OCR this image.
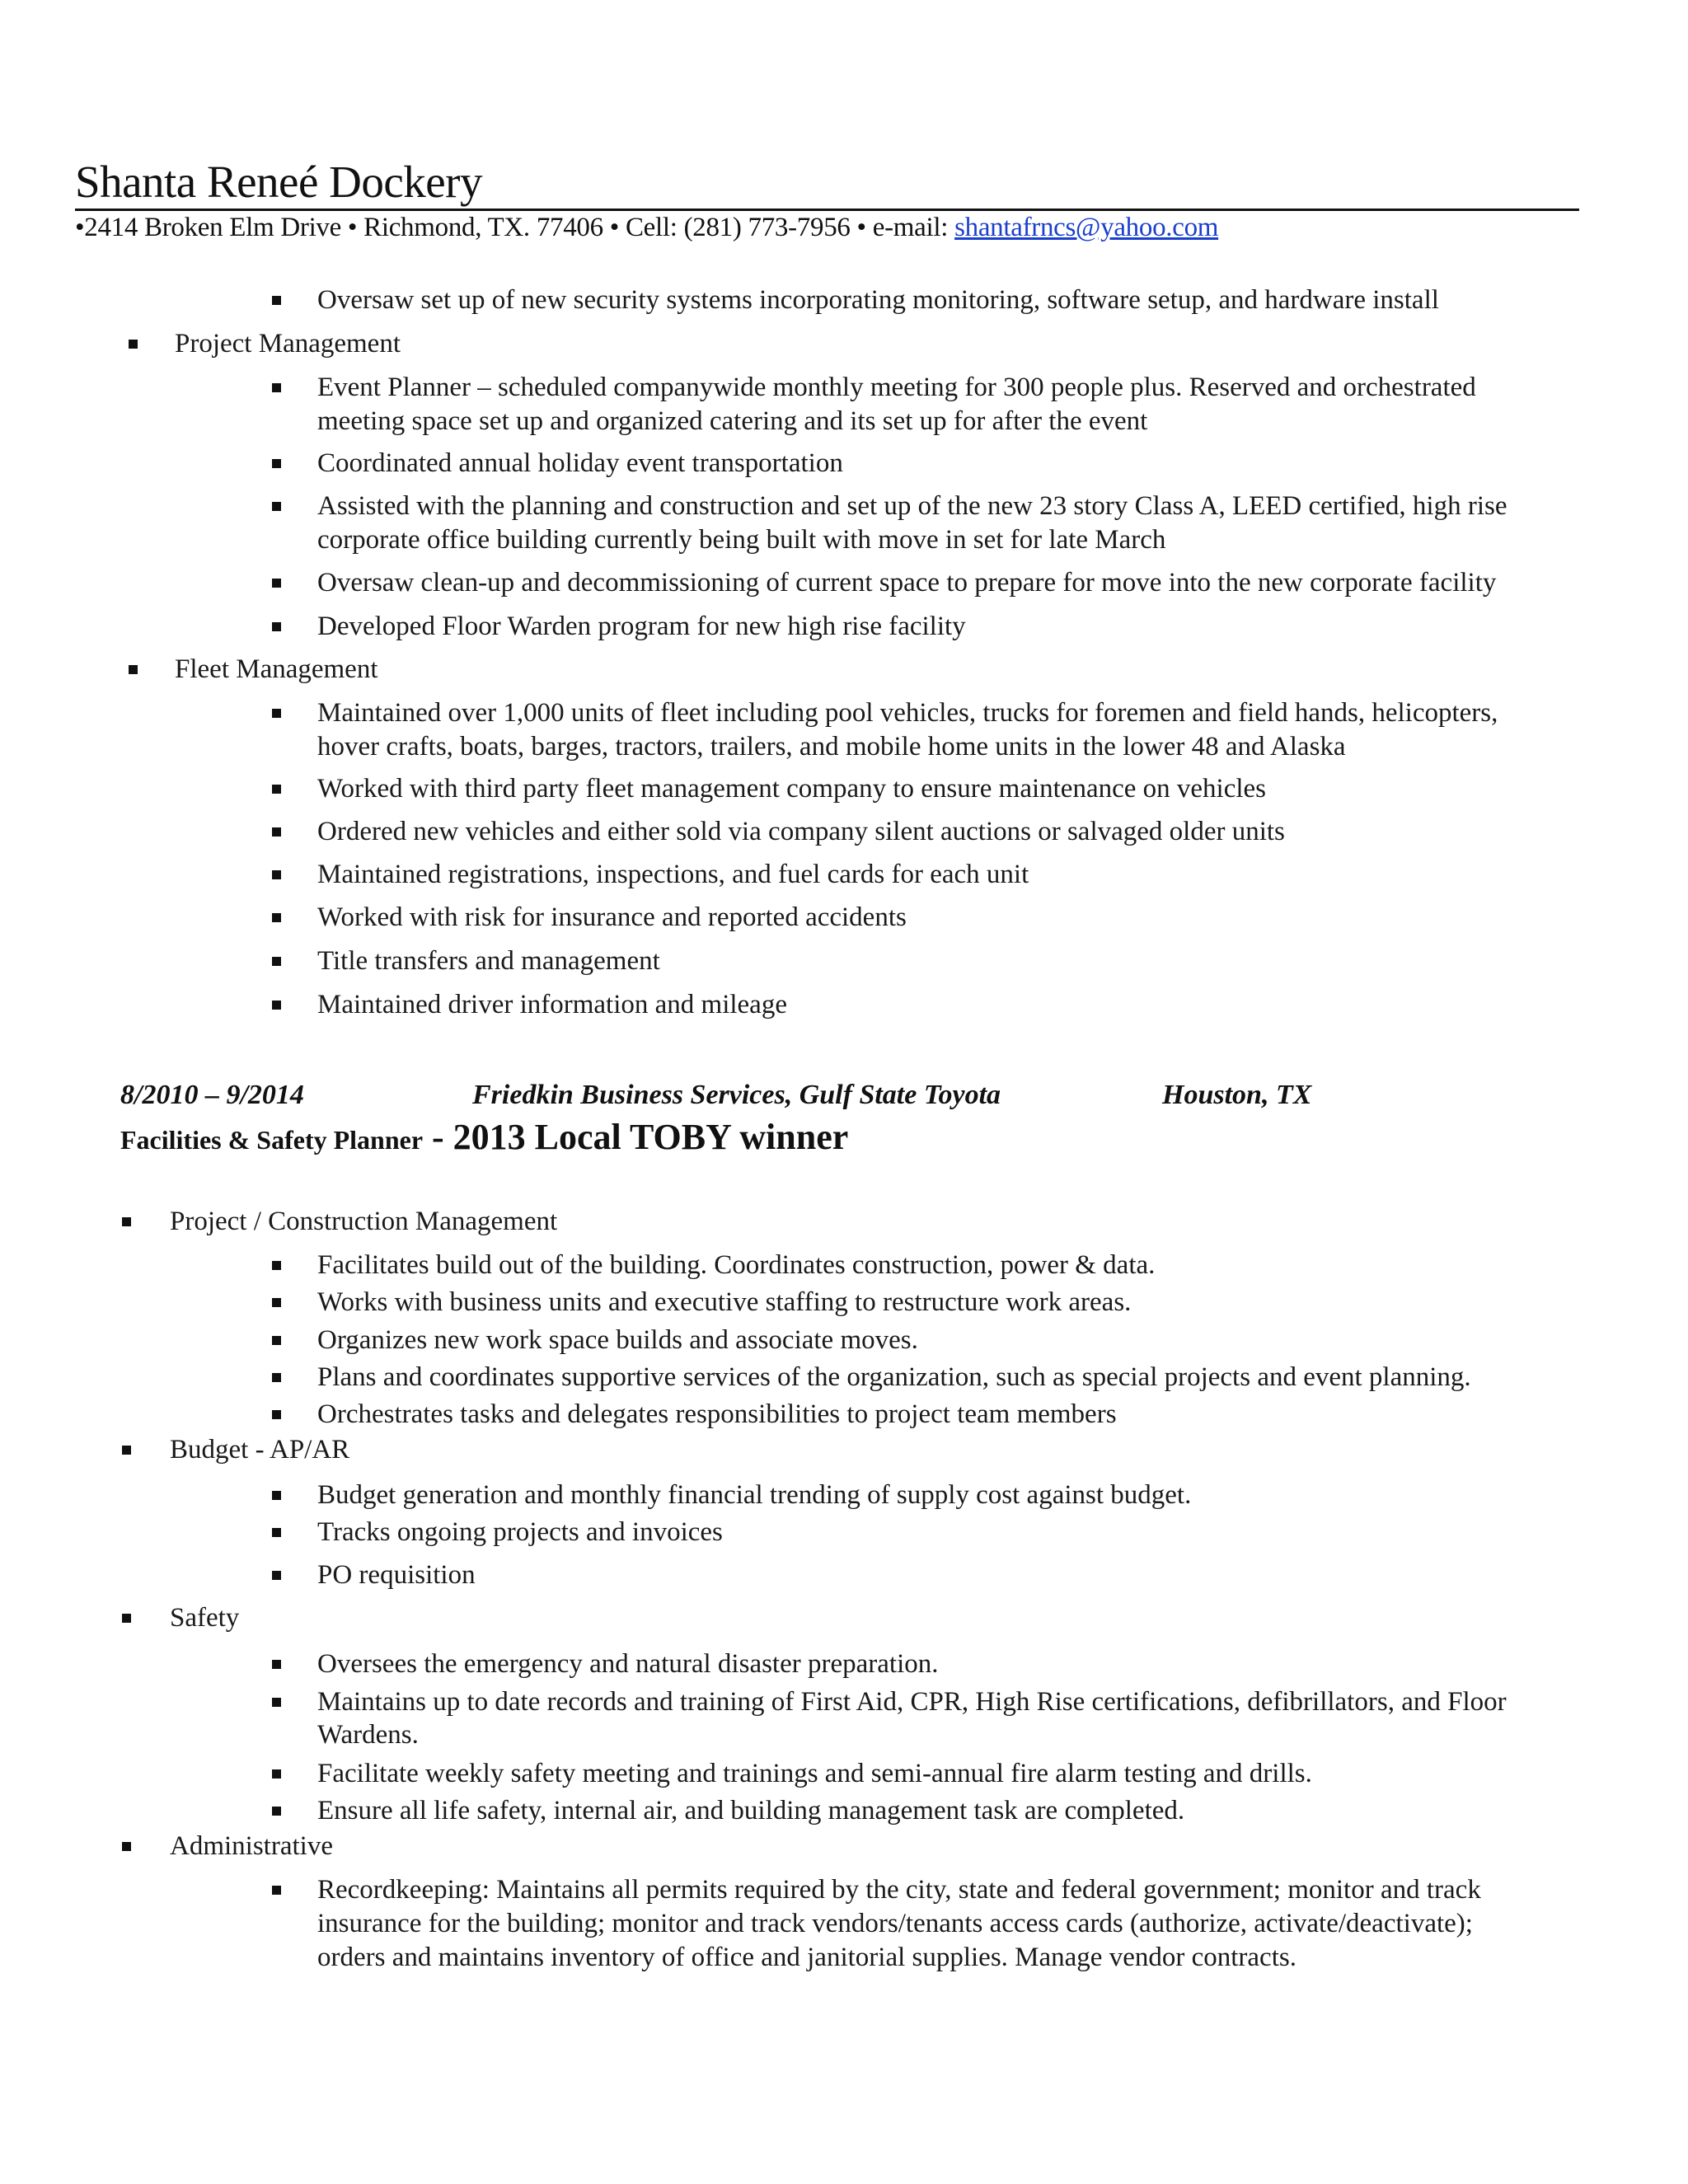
Shanta Reneé Dockery
•2414 Broken Elm Drive • Richmond, TX. 77406 • Cell: (281) 773-7956 • e-mail: shantafrncs@yahoo.com
Oversaw set up of new security systems incorporating monitoring, software setup, and hardware install
Project Management
Event Planner – scheduled companywide monthly meeting for 300 people plus. Reserved and orchestrated
meeting space set up and organized catering and its set up for after the event
Coordinated annual holiday event transportation
Assisted with the planning and construction and set up of the new 23 story Class A, LEED certified, high rise
corporate office building currently being built with move in set for late March
Oversaw clean-up and decommissioning of current space to prepare for move into the new corporate facility
Developed Floor Warden program for new high rise facility
Fleet Management
Maintained over 1,000 units of fleet including pool vehicles, trucks for foremen and field hands, helicopters,
hover crafts, boats, barges, tractors, trailers, and mobile home units in the lower 48 and Alaska
Worked with third party fleet management company to ensure maintenance on vehicles
Ordered new vehicles and either sold via company silent auctions or salvaged older units
Maintained registrations, inspections, and fuel cards for each unit
Worked with risk for insurance and reported accidents
Title transfers and management
Maintained driver information and mileage
8/2010 – 9/2014	Friedkin Business Services, Gulf State Toyota	Houston, TX
Facilities & Safety Planner - 2013 Local TOBY winner
Project / Construction Management
Facilitates build out of the building. Coordinates construction, power & data.
Works with business units and executive staffing to restructure work areas.
Organizes new work space builds and associate moves.
Plans and coordinates supportive services of the organization, such as special projects and event planning.
Orchestrates tasks and delegates responsibilities to project team members
Budget - AP/AR
Budget generation and monthly financial trending of supply cost against budget.
Tracks ongoing projects and invoices
PO requisition
Safety
Oversees the emergency and natural disaster preparation.
Maintains up to date records and training of First Aid, CPR, High Rise certifications, defibrillators, and Floor
Wardens.
Facilitate weekly safety meeting and trainings and semi-annual fire alarm testing and drills.
Ensure all life safety, internal air, and building management task are completed.
Administrative
Recordkeeping: Maintains all permits required by the city, state and federal government; monitor and track
insurance for the building; monitor and track vendors/tenants access cards (authorize, activate/deactivate);
orders and maintains inventory of office and janitorial supplies. Manage vendor contracts.
